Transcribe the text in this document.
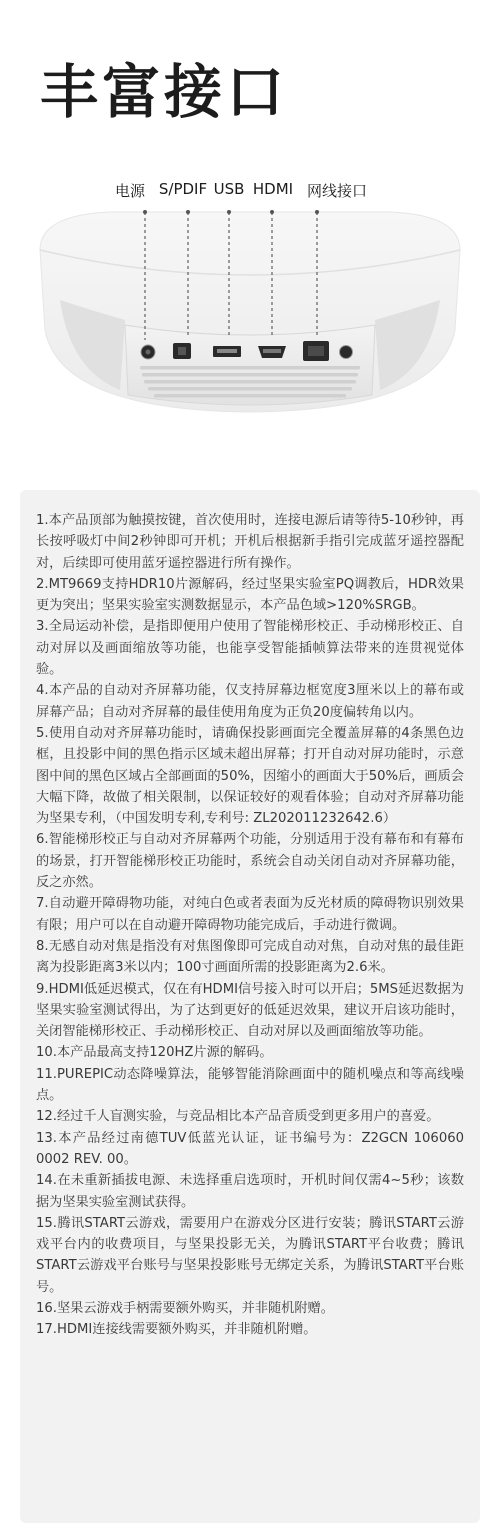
丰富接口
电源 S/PDIF USB HDMI 网线接口

1.本产品顶部为触摸按键，首次使用时，连接电源后请等待5-10秒钟，再长按呼吸灯中间2秒钟即可开机；开机后根据新手指引完成蓝牙遥控器配对，后续即可使用蓝牙遥控器进行所有操作。

2.MT9669支持HDR10片源解码，经过坚果实验室PQ调教后，HDR效果更为突出；坚果实验室实测数据显示，本产品色域>120%SRGB。

3.全局运动补偿，是指即便用户使用了智能梯形校正、手动梯形校正、自动对屏以及画面缩放等功能，也能享受智能插帧算法带来的连贯视觉体验。

4.本产品的自动对齐屏幕功能，仅支持屏幕边框宽度3厘米以上的幕布或屏幕产品；自动对齐屏幕的最佳使用角度为正负20度偏转角以内。

5.使用自动对齐屏幕功能时，请确保投影画面完全覆盖屏幕的4条黑色边框，且投影中间的黑色指示区域未超出屏幕；打开自动对屏功能时，示意图中间的黑色区域占全部画面的50%，因缩小的画面大于50%后，画质会大幅下降，故做了相关限制，以保证较好的观看体验；自动对齐屏幕功能为坚果专利，（中国发明专利,专利号: ZL202011232642.6）

6.智能梯形校正与自动对齐屏幕两个功能，分别适用于没有幕布和有幕布的场景，打开智能梯形校正功能时，系统会自动关闭自动对齐屏幕功能，反之亦然。

7.自动避开障碍物功能，对纯白色或者表面为反光材质的障碍物识别效果有限；用户可以在自动避开障碍物功能完成后，手动进行微调。

8.无感自动对焦是指没有对焦图像即可完成自动对焦，自动对焦的最佳距离为投影距离3米以内；100寸画面所需的投影距离为2.6米。

9.HDMI低延迟模式，仅在有HDMI信号接入时可以开启；5MS延迟数据为坚果实验室测试得出，为了达到更好的低延迟效果，建议开启该功能时，关闭智能梯形校正、手动梯形校正、自动对屏以及画面缩放等功能。

10.本产品最高支持120HZ片源的解码。

11.PUREPIC动态降噪算法，能够智能消除画面中的随机噪点和等高线噪点。

12.经过千人盲测实验，与竞品相比本产品音质受到更多用户的喜爱。

13.本产品经过南德TUV低蓝光认证，证书编号为：Z2GCN 106060 0002 REV. 00。

14.在未重新插拔电源、未选择重启选项时，开机时间仅需4~5秒；该数据为坚果实验室测试获得。

15.腾讯START云游戏，需要用户在游戏分区进行安装；腾讯START云游戏平台内的收费项目，与坚果投影无关，为腾讯START平台收费；腾讯START云游戏平台账号与坚果投影账号无绑定关系，为腾讯START平台账号。

16.坚果云游戏手柄需要额外购买，并非随机附赠。

17.HDMI连接线需要额外购买，并非随机附赠。
